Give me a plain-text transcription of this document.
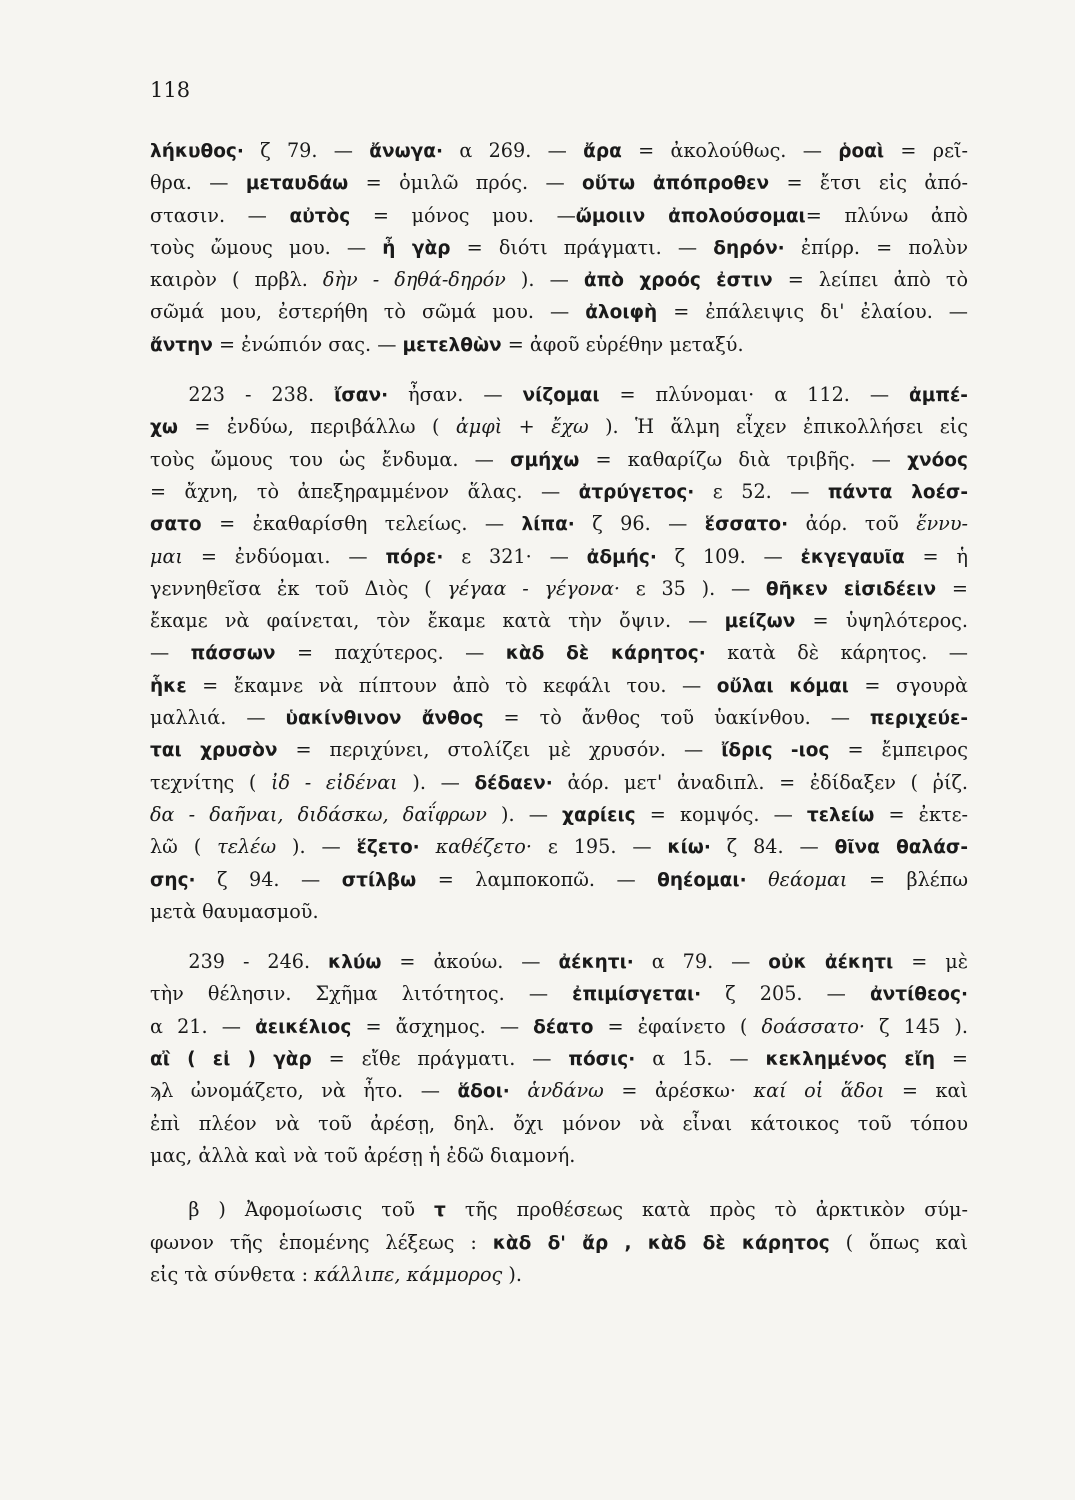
118
λήκυθος· ζ 79. — ἄνωγα· α 269. — ἄρα = ἀκολούθως. — ῥοαὶ = ρεῖ-
θρα. — μεταυδάω = ὁμιλῶ πρός. — οὕτω ἀπόπροθεν = ἔτσι εἰς ἀπό-
στασιν. — αὐτὸς = μόνος μου. —ὤμοιιν ἀπολούσομαι= πλύνω ἀπὸ
τοὺς ὤμους μου. — ἦ γὰρ = διότι πράγματι. — δηρόν· ἐπίρρ. = πολὺν
καιρὸν ( πρβλ. δὴν - δηθά-δηρόν ). — ἀπὸ χροός ἐστιν = λείπει ἀπὸ τὸ
σῶμά μου, ἐστερήθη τὸ σῶμά μου. — ἀλοιφὴ = ἐπάλειψις δι' ἐλαίου. —
ἄντην = ἐνώπιόν σας. — μετελθὼν = ἀφοῦ εὑρέθην μεταξύ.
  223 - 238. ἴσαν· ἦσαν. — νίζομαι = πλύνομαι· α 112. — ἀμπέ-
χω = ἐνδύω, περιβάλλω ( ἀμφὶ + ἔχω ). Ἡ ἅλμη εἶχεν ἐπικολλήσει εἰς
τοὺς ὤμους του ὡς ἔνδυμα. — σμήχω = καθαρίζω διὰ τριβῆς. — χνόος
= ἄχνη, τὸ ἀπεξηραμμένον ἅλας. — ἀτρύγετος· ε 52. — πάντα λοέσ-
σατο = ἐκαθαρίσθη τελείως. — λίπα· ζ 96. — ἕσσατο· ἀόρ. τοῦ ἕννυ-
μαι = ἐνδύομαι. — πόρε· ε 321· — ἀδμής· ζ 109. — ἐκγεγαυῖα = ἡ
γεννηθεῖσα ἐκ τοῦ Διὸς ( γέγαα - γέγονα· ε 35 ). — θῆκεν εἰσιδέειν =
ἔκαμε νὰ φαίνεται, τὸν ἔκαμε κατὰ τὴν ὄψιν. — μείζων = ὑψηλότερος.
— πάσσων = παχύτερος. — κὰδ δὲ κάρητος· κατὰ δὲ κάρητος. —
ἧκε = ἔκαμνε νὰ πίπτουν ἀπὸ τὸ κεφάλι του. — οὔλαι κόμαι = σγουρὰ
μαλλιά. — ὑακίνθινον ἄνθος = τὸ ἄνθος τοῦ ὑακίνθου. — περιχεύε-
ται χρυσὸν = περιχύνει, στολίζει μὲ χρυσόν. — ἴδρις -ιος = ἔμπειρος
τεχνίτης ( ἰδ - εἰδέναι ). — δέδαεν· ἀόρ. μετ' ἀναδιπλ. = ἐδίδαξεν ( ῥίζ.
δα - δαῆναι, διδάσκω, δαΐφρων ). — χαρίεις = κομψός. — τελείω = ἐκτε-
λῶ ( τελέω ). — ἕζετο· καθέζετο· ε 195. — κίω· ζ 84. — θῖνα θαλάσ-
σης· ζ 94. — στίλβω = λαμποκοπῶ. — θηέομαι· θεάομαι = βλέπω
μετὰ θαυμασμοῦ.
  239 - 246. κλύω = ἀκούω. — ἀέκητι· α 79. — οὐκ ἀέκητι = μὲ
τὴν θέλησιν. Σχῆμα λιτότητος. — ἐπιμίσγεται· ζ 205. — ἀντίθεος·
α 21. — ἀεικέλιος = ἄσχημος. — δέατο = ἐφαίνετο ( δοάσσατο· ζ 145 ).
αἲ ( εἰ ) γὰρ = εἴθε πράγματι. — πόσις· α 15. — κεκλημένος εἴη =
ϡλ ὠνομάζετο, νὰ ἦτο. — ἅδοι· ἁνδάνω = ἀρέσκω· καί οἱ ἅδοι = καὶ
ἐπὶ πλέον νὰ τοῦ ἀρέσῃ, δηλ. ὄχι μόνον νὰ εἶναι κάτοικος τοῦ τόπου
μας, ἀλλὰ καὶ νὰ τοῦ ἀρέσῃ ἡ ἐδῶ διαμονή.
  β ) Ἀφομοίωσις τοῦ τ τῆς προθέσεως κατὰ πρὸς τὸ ἀρκτικὸν σύμ-
φωνον τῆς ἑπομένης λέξεως : κὰδ δ' ἄρ , κὰδ δὲ κάρητος ( ὅπως καὶ
εἰς τὰ σύνθετα : κάλλιπε, κάμμορος ).
